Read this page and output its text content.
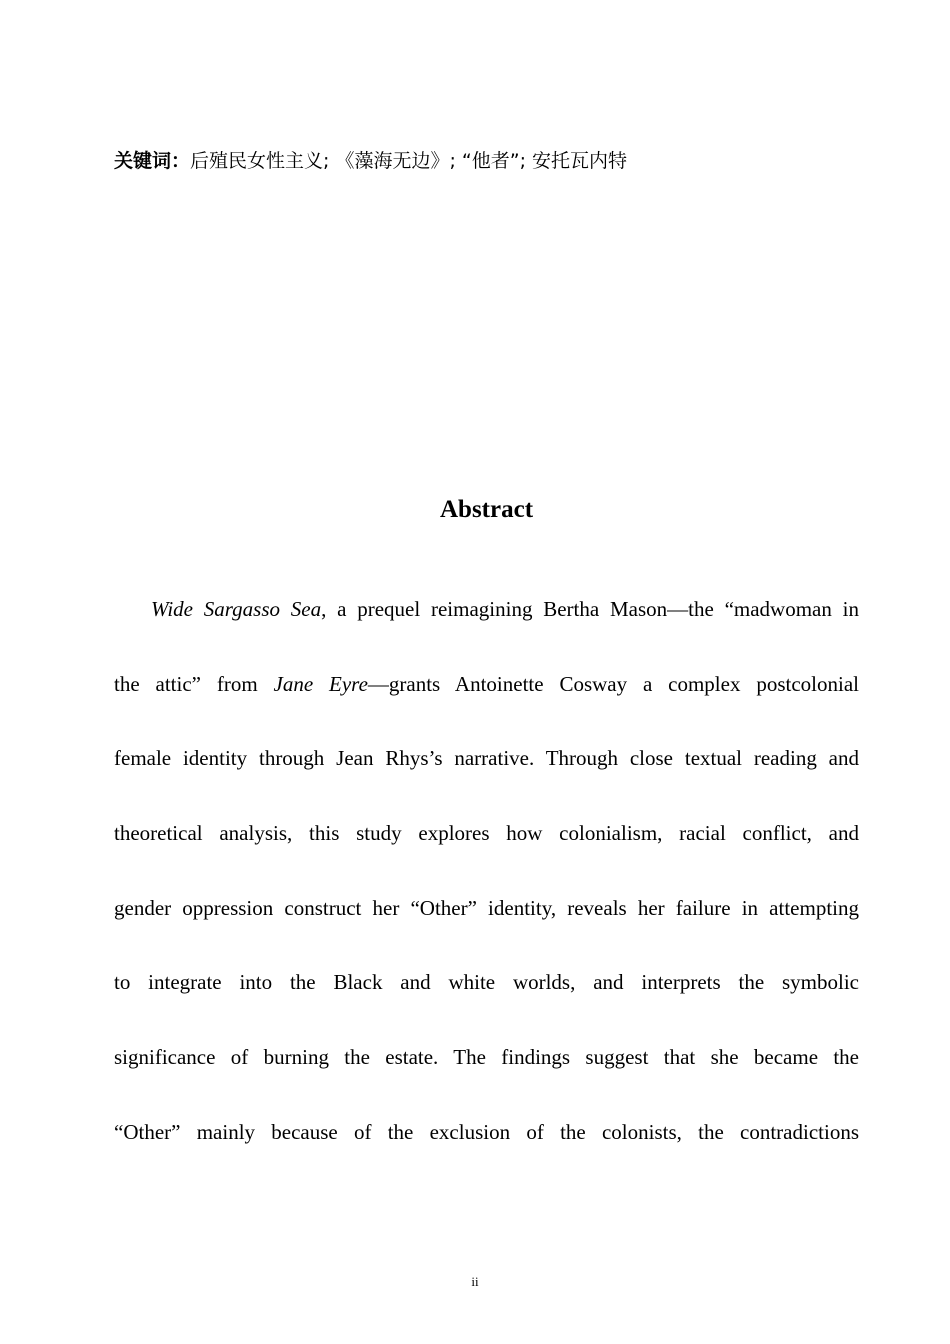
关键词：后殖民女性主义; 《藻海无边》; “他者”; 安托瓦内特
Abstract
Wide Sargasso Sea, a prequel reimagining Bertha Mason—the “madwoman in
the attic” from Jane Eyre—grants Antoinette Cosway a complex postcolonial
female identity through Jean Rhys’s narrative. Through close textual reading and
theoretical analysis, this study explores how colonialism, racial conflict, and
gender oppression construct her “Other” identity, reveals her failure in attempting
to integrate into the Black and white worlds, and interprets the symbolic
significance of burning the estate. The findings suggest that she became the
“Other” mainly because of the exclusion of the colonists, the contradictions
ii
